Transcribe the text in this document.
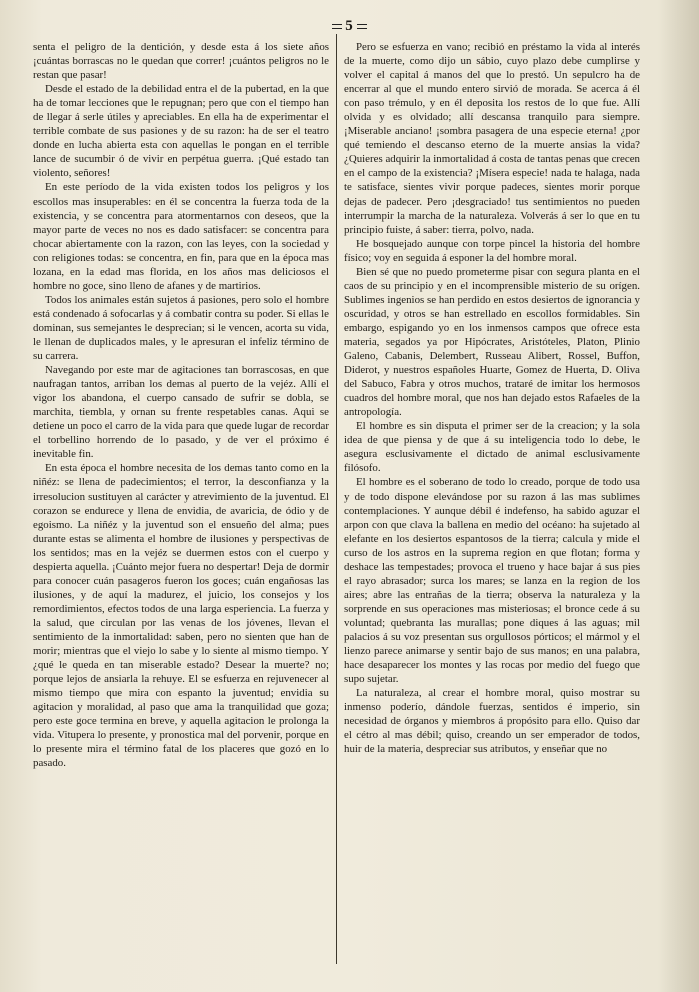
5

senta el peligro de la dentición, y desde esta á los siete años ¡cuántas borrascas no le quedan que correr! ¡cuántos peligros no le restan que pasar!

Desde el estado de la debilidad entra el de la pubertad, en la que ha de tomar lecciones que le repugnan; pero que con el tiempo han de llegar á serle útiles y apreciables. En ella ha de experimentar el terrible combate de sus pasiones y de su razon: ha de ser el teatro donde en lucha abierta esta con aquellas le pongan en el terrible lance de sucumbir ó de vivir en perpétua guerra. ¡Qué estado tan violento, señores!

En este período de la vida existen todos los peligros y los escollos mas insuperables: en él se concentra la fuerza toda de la existencia, y se concentra para atormentarnos con deseos, que la mayor parte de veces no nos es dado satisfacer: se concentra para chocar abiertamente con la razon, con las leyes, con la sociedad y con religiones todas: se concentra, en fin, para que en la época mas lozana, en la edad mas florida, en los años mas deliciosos el hombre no goce, sino lleno de afanes y de martirios.

Todos los animales están sujetos á pasiones, pero solo el hombre está condenado á sofocarlas y á combatir contra su poder. Si ellas le dominan, sus semejantes le desprecian; si le vencen, acorta su vida, le llenan de duplicados males, y le apresuran el infeliz término de su carrera.

Navegando por este mar de agitaciones tan borrascosas, en que naufragan tantos, arriban los demas al puerto de la vejéz. Allí el vigor los abandona, el cuerpo cansado de sufrir se dobla, se marchita, tiembla, y ornan su frente respetables canas. Aqui se detiene un poco el carro de la vida para que quede lugar de recordar el torbellino horrendo de lo pasado, y de ver el próximo é inevitable fin.

En esta época el hombre necesita de los demas tanto como en la niñéz: se llena de padecimientos; el terror, la desconfianza y la irresolucion sustituyen al carácter y atrevimiento de la juventud. El corazon se endurece y llena de envidia, de avaricia, de ódio y de egoismo. La niñéz y la juventud son el ensueño del alma; pues durante estas se alimenta el hombre de ilusiones y perspectivas de los sentidos; mas en la vejéz se duermen estos con el cuerpo y despierta aquella. ¡Cuánto mejor fuera no despertar! Deja de dormir para conocer cuán pasageros fueron los goces; cuán engañosas las ilusiones, y de aquí la madurez, el juicio, los consejos y los remordimientos, efectos todos de una larga esperiencia. La fuerza y la salud, que circulan por las venas de los jóvenes, llevan el sentimiento de la inmortalidad: saben, pero no sienten que han de morir; mientras que el viejo lo sabe y lo siente al mismo tiempo. Y ¿qué le queda en tan miserable estado? Desear la muerte? no; porque lejos de ansiarla la rehuye. El se esfuerza en rejuvenecer al mismo tiempo que mira con espanto la juventud; envidia su agitacion y moralidad, al paso que ama la tranquilidad que goza; pero este goce termina en breve, y aquella agitacion le prolonga la vida. Vitupera lo presente, y pronostica mal del porvenir, porque en lo presente mira el término fatal de los placeres que gozó en lo pasado.

Pero se esfuerza en vano; recibió en préstamo la vida al interés de la muerte, como dijo un sábio, cuyo plazo debe cumplirse y volver el capital á manos del que lo prestó. Un sepulcro ha de encerrar al que el mundo entero sirvió de morada. Se acerca á él con paso trémulo, y en él deposita los restos de lo que fue. Allí olvida y es olvidado; allí descansa tranquilo para siempre. ¡Miserable anciano! ¡sombra pasagera de una especie eterna! ¿por qué temiendo el descanso eterno de la muerte ansias la vida? ¿Quieres adquirir la inmortalidad á costa de tantas penas que crecen en el campo de la existencia? ¡Mísera especie! nada te halaga, nada te satisface, sientes vivir porque padeces, sientes morir porque dejas de padecer. Pero ¡desgraciado! tus sentimientos no pueden interrumpir la marcha de la naturaleza. Volverás á ser lo que en tu principio fuiste, á saber: tierra, polvo, nada.

He bosquejado aunque con torpe pincel la historia del hombre físico; voy en seguida á esponer la del hombre moral.

Bien sé que no puedo prometerme pisar con segura planta en el caos de su principio y en el incomprensible misterio de su orígen. Sublimes ingenios se han perdido en estos desiertos de ignorancia y oscuridad, y otros se han estrellado en escollos formidables. Sin embargo, espigando yo en los inmensos campos que ofrece esta materia, segados ya por Hipócrates, Aristóteles, Platon, Plinio Galeno, Cabanis, Delembert, Russeau Alibert, Rossel, Buffon, Diderot, y nuestros españoles Huarte, Gomez de Huerta, D. Oliva del Sabuco, Fabra y otros muchos, trataré de imitar los hermosos cuadros del hombre moral, que nos han dejado estos Rafaeles de la antropología.

El hombre es sin disputa el primer ser de la creacion; y la sola idea de que piensa y de que á su inteligencia todo lo debe, le asegura esclusivamente el dictado de animal esclusivamente filósofo.

El hombre es el soberano de todo lo creado, porque de todo usa y de todo dispone elevándose por su razon á las mas sublimes contemplaciones. Y aunque débil é indefenso, ha sabido aguzar el arpon con que clava la ballena en medio del océano: ha sujetado al elefante en los desiertos espantosos de la tierra; calcula y mide el curso de los astros en la suprema region en que flotan; forma y deshace las tempestades; provoca el trueno y hace bajar á sus pies el rayo abrasador; surca los mares; se lanza en la region de los aires; abre las entrañas de la tierra; observa la naturaleza y la sorprende en sus operaciones mas misteriosas; el bronce cede á su voluntad; quebranta las murallas; pone diques á las aguas; mil palacios á su voz presentan sus orgullosos pórticos; el mármol y el lienzo parece animarse y sentir bajo de sus manos; en una palabra, hace desaparecer los montes y las rocas por medio del fuego que supo sujetar.

La naturaleza, al crear el hombre moral, quiso mostrar su inmenso poderío, dándole fuerzas, sentidos é imperio, sin necesidad de órganos y miembros á propósito para ello. Quiso dar el cétro al mas débil; quiso, creando un ser emperador de todos, huir de la materia, despreciar sus atributos, y enseñar que no
